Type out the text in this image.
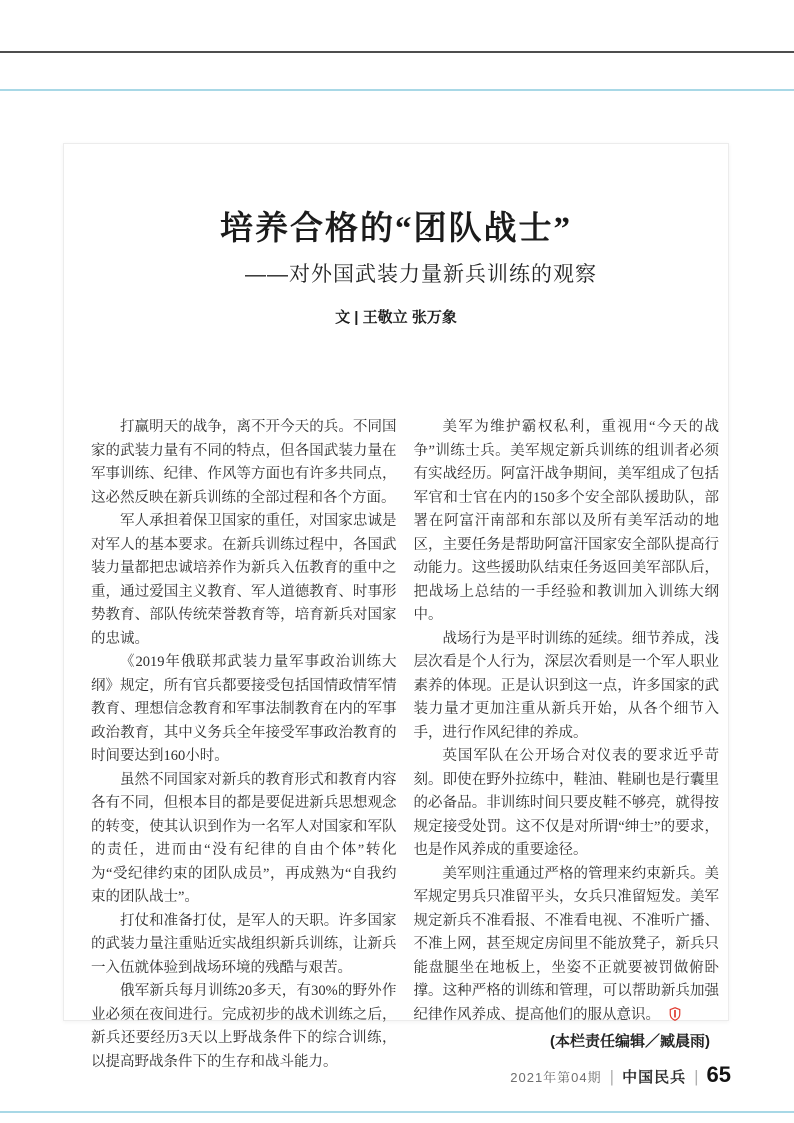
培养合格的“团队战士”
——对外国武装力量新兵训练的观察
文 | 王敬立 张万象

打赢明天的战争，离不开今天的兵。不同国家的武装力量有不同的特点，但各国武装力量在军事训练、纪律、作风等方面也有许多共同点，这必然反映在新兵训练的全部过程和各个方面。

军人承担着保卫国家的重任，对国家忠诚是对军人的基本要求。在新兵训练过程中，各国武装力量都把忠诚培养作为新兵入伍教育的重中之重，通过爱国主义教育、军人道德教育、时事形势教育、部队传统荣誉教育等，培育新兵对国家的忠诚。

《2019年俄联邦武装力量军事政治训练大纲》规定，所有官兵都要接受包括国情政情军情教育、理想信念教育和军事法制教育在内的军事政治教育，其中义务兵全年接受军事政治教育的时间要达到160小时。

虽然不同国家对新兵的教育形式和教育内容各有不同，但根本目的都是要促进新兵思想观念的转变，使其认识到作为一名军人对国家和军队的责任，进而由“没有纪律的自由个体”转化为“受纪律约束的团队成员”，再成熟为“自我约束的团队战士”。

打仗和准备打仗，是军人的天职。许多国家的武装力量注重贴近实战组织新兵训练，让新兵一入伍就体验到战场环境的残酷与艰苦。

俄军新兵每月训练20多天，有30%的野外作业必须在夜间进行。完成初步的战术训练之后，新兵还要经历3天以上野战条件下的综合训练，以提高野战条件下的生存和战斗能力。

美军为维护霸权私利，重视用“今天的战争”训练士兵。美军规定新兵训练的组训者必须有实战经历。阿富汗战争期间，美军组成了包括军官和士官在内的150多个安全部队援助队，部署在阿富汗南部和东部以及所有美军活动的地区，主要任务是帮助阿富汗国家安全部队提高行动能力。这些援助队结束任务返回美军部队后，把战场上总结的一手经验和教训加入训练大纲中。

战场行为是平时训练的延续。细节养成，浅层次看是个人行为，深层次看则是一个军人职业素养的体现。正是认识到这一点，许多国家的武装力量才更加注重从新兵开始，从各个细节入手，进行作风纪律的养成。

英国军队在公开场合对仪表的要求近乎苛刻。即使在野外拉练中，鞋油、鞋刷也是行囊里的必备品。非训练时间只要皮鞋不够亮，就得按规定接受处罚。这不仅是对所谓“绅士”的要求，也是作风养成的重要途径。

美军则注重通过严格的管理来约束新兵。美军规定男兵只准留平头，女兵只准留短发。美军规定新兵不准看报、不准看电视、不准听广播、不准上网，甚至规定房间里不能放凳子，新兵只能盘腿坐在地板上，坐姿不正就要被罚做俯卧撑。这种严格的训练和管理，可以帮助新兵加强纪律作风养成、提高他们的服从意识。

(本栏责任编辑／臧晨雨)
2021年第04期 | 中国民兵 | 65
